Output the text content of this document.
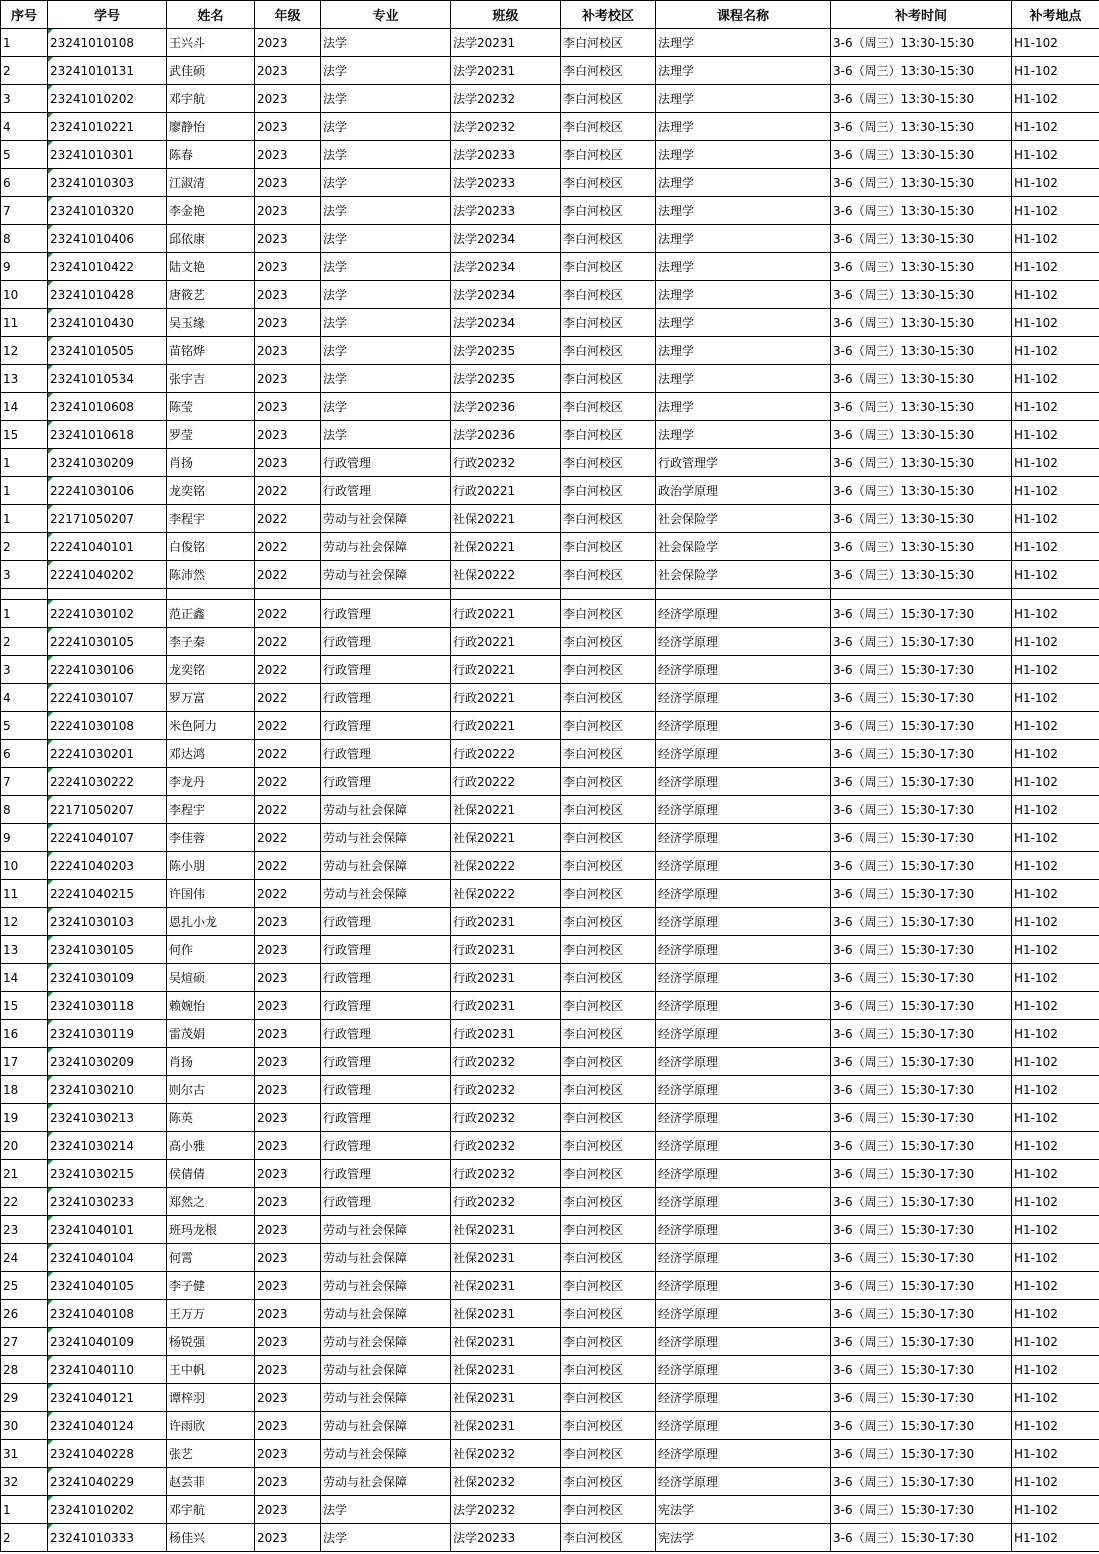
序号	学号	姓名	年级	专业	班级	补考校区	课程名称	补考时间	补考地点
1	23241010108	王兴斗	2023	法学	法学20231	李白河校区	法理学	3-6（周三）13:30-15:30	H1-102
2	23241010131	武佳硕	2023	法学	法学20231	李白河校区	法理学	3-6（周三）13:30-15:30	H1-102
3	23241010202	邓宇航	2023	法学	法学20232	李白河校区	法理学	3-6（周三）13:30-15:30	H1-102
4	23241010221	廖静怡	2023	法学	法学20232	李白河校区	法理学	3-6（周三）13:30-15:30	H1-102
5	23241010301	陈春	2023	法学	法学20233	李白河校区	法理学	3-6（周三）13:30-15:30	H1-102
6	23241010303	江淑清	2023	法学	法学20233	李白河校区	法理学	3-6（周三）13:30-15:30	H1-102
7	23241010320	李金艳	2023	法学	法学20233	李白河校区	法理学	3-6（周三）13:30-15:30	H1-102
8	23241010406	邱依康	2023	法学	法学20234	李白河校区	法理学	3-6（周三）13:30-15:30	H1-102
9	23241010422	陆文艳	2023	法学	法学20234	李白河校区	法理学	3-6（周三）13:30-15:30	H1-102
10	23241010428	唐筱艺	2023	法学	法学20234	李白河校区	法理学	3-6（周三）13:30-15:30	H1-102
11	23241010430	吴玉缘	2023	法学	法学20234	李白河校区	法理学	3-6（周三）13:30-15:30	H1-102
12	23241010505	苗铭烨	2023	法学	法学20235	李白河校区	法理学	3-6（周三）13:30-15:30	H1-102
13	23241010534	张宇吉	2023	法学	法学20235	李白河校区	法理学	3-6（周三）13:30-15:30	H1-102
14	23241010608	陈莹	2023	法学	法学20236	李白河校区	法理学	3-6（周三）13:30-15:30	H1-102
15	23241010618	罗莹	2023	法学	法学20236	李白河校区	法理学	3-6（周三）13:30-15:30	H1-102
1	23241030209	肖扬	2023	行政管理	行政20232	李白河校区	行政管理学	3-6（周三）13:30-15:30	H1-102
1	22241030106	龙奕铭	2022	行政管理	行政20221	李白河校区	政治学原理	3-6（周三）13:30-15:30	H1-102
1	22171050207	李程宇	2022	劳动与社会保障	社保20221	李白河校区	社会保险学	3-6（周三）13:30-15:30	H1-102
2	22241040101	白俊铭	2022	劳动与社会保障	社保20221	李白河校区	社会保险学	3-6（周三）13:30-15:30	H1-102
3	22241040202	陈沛然	2022	劳动与社会保障	社保20222	李白河校区	社会保险学	3-6（周三）13:30-15:30	H1-102

1	22241030102	范正鑫	2022	行政管理	行政20221	李白河校区	经济学原理	3-6（周三）15:30-17:30	H1-102
2	22241030105	李子秦	2022	行政管理	行政20221	李白河校区	经济学原理	3-6（周三）15:30-17:30	H1-102
3	22241030106	龙奕铭	2022	行政管理	行政20221	李白河校区	经济学原理	3-6（周三）15:30-17:30	H1-102
4	22241030107	罗万富	2022	行政管理	行政20221	李白河校区	经济学原理	3-6（周三）15:30-17:30	H1-102
5	22241030108	米色阿力	2022	行政管理	行政20221	李白河校区	经济学原理	3-6（周三）15:30-17:30	H1-102
6	22241030201	邓达鸿	2022	行政管理	行政20222	李白河校区	经济学原理	3-6（周三）15:30-17:30	H1-102
7	22241030222	李龙丹	2022	行政管理	行政20222	李白河校区	经济学原理	3-6（周三）15:30-17:30	H1-102
8	22171050207	李程宇	2022	劳动与社会保障	社保20221	李白河校区	经济学原理	3-6（周三）15:30-17:30	H1-102
9	22241040107	李佳蓉	2022	劳动与社会保障	社保20221	李白河校区	经济学原理	3-6（周三）15:30-17:30	H1-102
10	22241040203	陈小朋	2022	劳动与社会保障	社保20222	李白河校区	经济学原理	3-6（周三）15:30-17:30	H1-102
11	22241040215	许国伟	2022	劳动与社会保障	社保20222	李白河校区	经济学原理	3-6（周三）15:30-17:30	H1-102
12	23241030103	恩扎小龙	2023	行政管理	行政20231	李白河校区	经济学原理	3-6（周三）15:30-17:30	H1-102
13	23241030105	何作	2023	行政管理	行政20231	李白河校区	经济学原理	3-6（周三）15:30-17:30	H1-102
14	23241030109	吴煊硕	2023	行政管理	行政20231	李白河校区	经济学原理	3-6（周三）15:30-17:30	H1-102
15	23241030118	赖婉怡	2023	行政管理	行政20231	李白河校区	经济学原理	3-6（周三）15:30-17:30	H1-102
16	23241030119	雷茂娟	2023	行政管理	行政20231	李白河校区	经济学原理	3-6（周三）15:30-17:30	H1-102
17	23241030209	肖扬	2023	行政管理	行政20232	李白河校区	经济学原理	3-6（周三）15:30-17:30	H1-102
18	23241030210	则尔古	2023	行政管理	行政20232	李白河校区	经济学原理	3-6（周三）15:30-17:30	H1-102
19	23241030213	陈英	2023	行政管理	行政20232	李白河校区	经济学原理	3-6（周三）15:30-17:30	H1-102
20	23241030214	高小雅	2023	行政管理	行政20232	李白河校区	经济学原理	3-6（周三）15:30-17:30	H1-102
21	23241030215	侯倩倩	2023	行政管理	行政20232	李白河校区	经济学原理	3-6（周三）15:30-17:30	H1-102
22	23241030233	郑然之	2023	行政管理	行政20232	李白河校区	经济学原理	3-6（周三）15:30-17:30	H1-102
23	23241040101	班玛龙根	2023	劳动与社会保障	社保20231	李白河校区	经济学原理	3-6（周三）15:30-17:30	H1-102
24	23241040104	何霄	2023	劳动与社会保障	社保20231	李白河校区	经济学原理	3-6（周三）15:30-17:30	H1-102
25	23241040105	李子健	2023	劳动与社会保障	社保20231	李白河校区	经济学原理	3-6（周三）15:30-17:30	H1-102
26	23241040108	王万万	2023	劳动与社会保障	社保20231	李白河校区	经济学原理	3-6（周三）15:30-17:30	H1-102
27	23241040109	杨锐强	2023	劳动与社会保障	社保20231	李白河校区	经济学原理	3-6（周三）15:30-17:30	H1-102
28	23241040110	王中帆	2023	劳动与社会保障	社保20231	李白河校区	经济学原理	3-6（周三）15:30-17:30	H1-102
29	23241040121	谭梓羽	2023	劳动与社会保障	社保20231	李白河校区	经济学原理	3-6（周三）15:30-17:30	H1-102
30	23241040124	许雨欣	2023	劳动与社会保障	社保20231	李白河校区	经济学原理	3-6（周三）15:30-17:30	H1-102
31	23241040228	张艺	2023	劳动与社会保障	社保20232	李白河校区	经济学原理	3-6（周三）15:30-17:30	H1-102
32	23241040229	赵芸菲	2023	劳动与社会保障	社保20232	李白河校区	经济学原理	3-6（周三）15:30-17:30	H1-102
1	23241010202	邓宇航	2023	法学	法学20232	李白河校区	宪法学	3-6（周三）15:30-17:30	H1-102
2	23241010333	杨佳兴	2023	法学	法学20233	李白河校区	宪法学	3-6（周三）15:30-17:30	H1-102
